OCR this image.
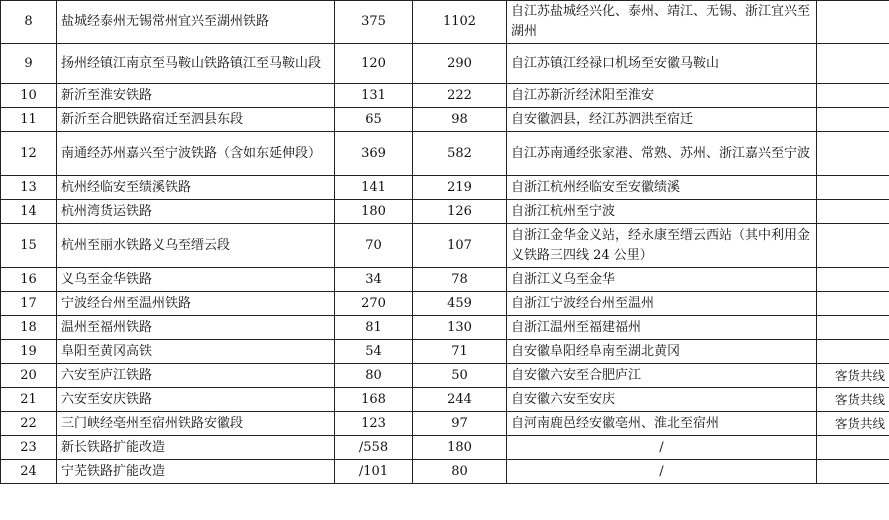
8	盐城经泰州无锡常州宜兴至湖州铁路	375	1102	自江苏盐城经兴化、泰州、靖江、无锡、浙江宜兴至湖州	
9	扬州经镇江南京至马鞍山铁路镇江至马鞍山段	120	290	自江苏镇江经禄口机场至安徽马鞍山	
10	新沂至淮安铁路	131	222	自江苏新沂经沭阳至淮安	
11	新沂至合肥铁路宿迁至泗县东段	65	98	自安徽泗县，经江苏泗洪至宿迁	
12	南通经苏州嘉兴至宁波铁路（含如东延伸段）	369	582	自江苏南通经张家港、常熟、苏州、浙江嘉兴至宁波	
13	杭州经临安至绩溪铁路	141	219	自浙江杭州经临安至安徽绩溪	
14	杭州湾货运铁路	180	126	自浙江杭州至宁波	
15	杭州至丽水铁路义乌至缙云段	70	107	自浙江金华金义站，经永康至缙云西站（其中利用金义铁路三四线 24 公里）	
16	义乌至金华铁路	34	78	自浙江义乌至金华	
17	宁波经台州至温州铁路	270	459	自浙江宁波经台州至温州	
18	温州至福州铁路	81	130	自浙江温州至福建福州	
19	阜阳至黄冈高铁	54	71	自安徽阜阳经阜南至湖北黄冈	
20	六安至庐江铁路	80	50	自安徽六安至合肥庐江	客货共线
21	六安至安庆铁路	168	244	自安徽六安至安庆	客货共线
22	三门峡经亳州至宿州铁路安徽段	123	97	自河南鹿邑经安徽亳州、淮北至宿州	客货共线
23	新长铁路扩能改造	/558	180	/	
24	宁芜铁路扩能改造	/101	80	/	
